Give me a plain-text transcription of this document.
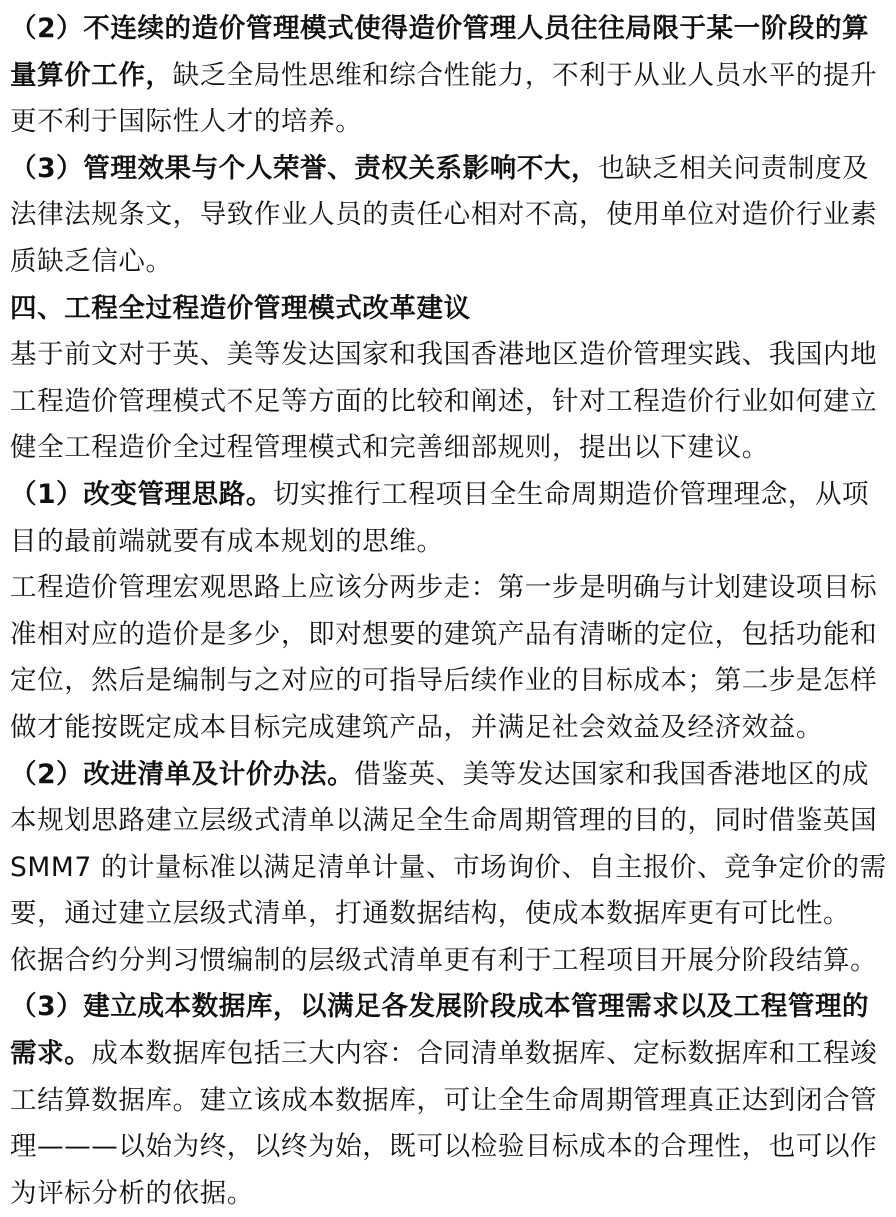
（2）不连续的造价管理模式使得造价管理人员往往局限于某一阶段的算量算价工作，缺乏全局性思维和综合性能力，不利于从业人员水平的提升更不利于国际性人才的培养。

（3）管理效果与个人荣誉、责权关系影响不大，也缺乏相关问责制度及法律法规条文，导致作业人员的责任心相对不高，使用单位对造价行业素质缺乏信心。

四、工程全过程造价管理模式改革建议

基于前文对于英、美等发达国家和我国香港地区造价管理实践、我国内地工程造价管理模式不足等方面的比较和阐述，针对工程造价行业如何建立健全工程造价全过程管理模式和完善细部规则，提出以下建议。

（1）改变管理思路。切实推行工程项目全生命周期造价管理理念，从项目的最前端就要有成本规划的思维。

工程造价管理宏观思路上应该分两步走：第一步是明确与计划建设项目标准相对应的造价是多少，即对想要的建筑产品有清晰的定位，包括功能和定位，然后是编制与之对应的可指导后续作业的目标成本；第二步是怎样做才能按既定成本目标完成建筑产品，并满足社会效益及经济效益。

（2）改进清单及计价办法。借鉴英、美等发达国家和我国香港地区的成本规划思路建立层级式清单以满足全生命周期管理的目的，同时借鉴英国 SMM7 的计量标准以满足清单计量、市场询价、自主报价、竞争定价的需要，通过建立层级式清单，打通数据结构，使成本数据库更有可比性。

依据合约分判习惯编制的层级式清单更有利于工程项目开展分阶段结算。

（3）建立成本数据库，以满足各发展阶段成本管理需求以及工程管理的需求。成本数据库包括三大内容：合同清单数据库、定标数据库和工程竣工结算数据库。建立该成本数据库，可让全生命周期管理真正达到闭合管理———以始为终，以终为始，既可以检验目标成本的合理性，也可以作为评标分析的依据。
